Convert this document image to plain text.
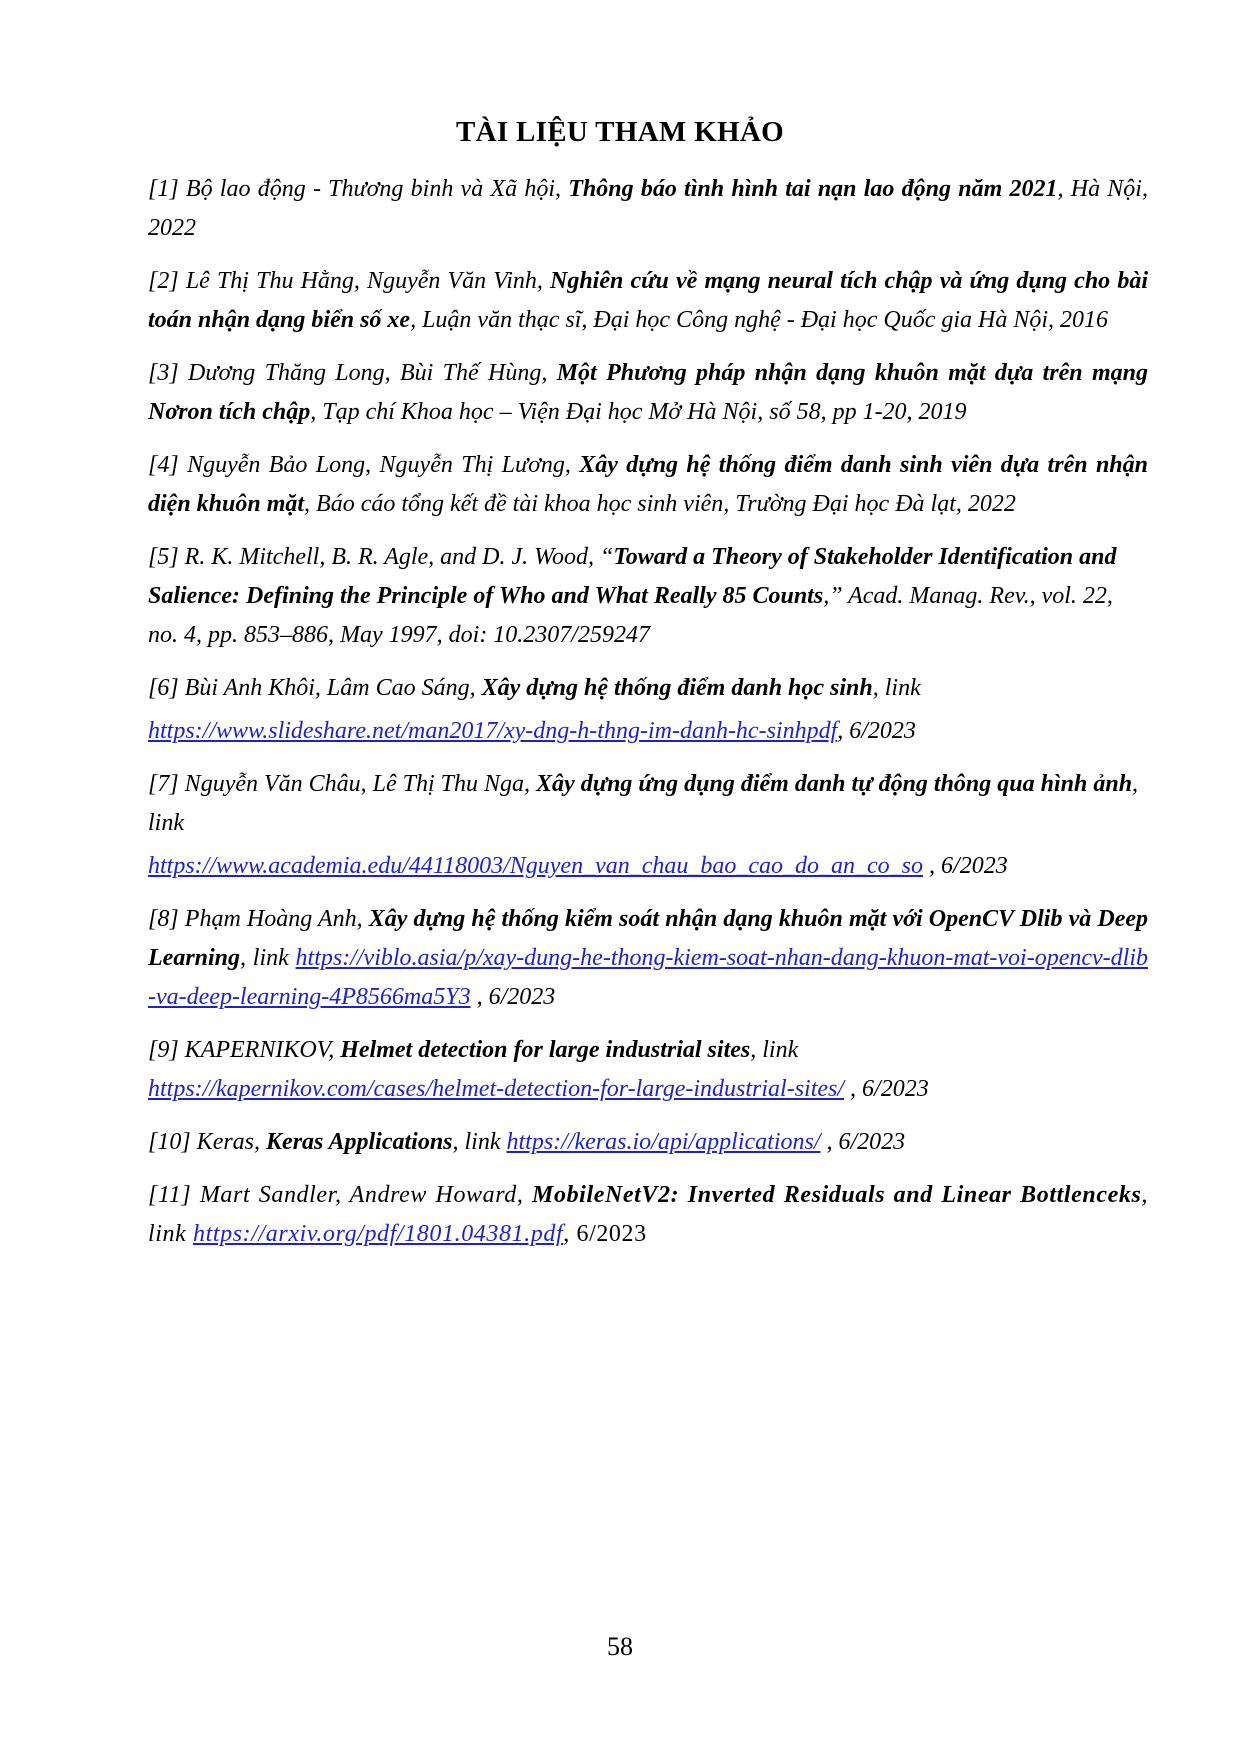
TÀI LIỆU THAM KHẢO

[1] Bộ lao động - Thương binh và Xã hội, Thông báo tình hình tai nạn lao động năm 2021, Hà Nội, 2022

[2] Lê Thị Thu Hằng, Nguyễn Văn Vinh, Nghiên cứu về mạng neural tích chập và ứng dụng cho bài toán nhận dạng biển số xe, Luận văn thạc sĩ, Đại học Công nghệ - Đại học Quốc gia Hà Nội, 2016

[3] Dương Thăng Long, Bùi Thế Hùng, Một Phương pháp nhận dạng khuôn mặt dựa trên mạng Nơron tích chập, Tạp chí Khoa học – Viện Đại học Mở Hà Nội, số 58, pp 1-20, 2019

[4] Nguyễn Bảo Long, Nguyễn Thị Lương, Xây dựng hệ thống điểm danh sinh viên dựa trên nhận diện khuôn mặt, Báo cáo tổng kết đề tài khoa học sinh viên, Trường Đại học Đà lạt, 2022

[5] R. K. Mitchell, B. R. Agle, and D. J. Wood, “Toward a Theory of Stakeholder Identification and Salience: Defining the Principle of Who and What Really 85 Counts,” Acad. Manag. Rev., vol. 22, no. 4, pp. 853–886, May 1997, doi: 10.2307/259247

[6] Bùi Anh Khôi, Lâm Cao Sáng, Xây dựng hệ thống điểm danh học sinh, link

https://www.slideshare.net/man2017/xy-dng-h-thng-im-danh-hc-sinhpdf, 6/2023

[7] Nguyễn Văn Châu, Lê Thị Thu Nga, Xây dựng ứng dụng điểm danh tự động thông qua hình ảnh, link

https://www.academia.edu/44118003/Nguyen_van_chau_bao_cao_do_an_co_so , 6/2023

[8] Phạm Hoàng Anh, Xây dựng hệ thống kiểm soát nhận dạng khuôn mặt với OpenCV Dlib và Deep Learning, link https://viblo.asia/p/xay-dung-he-thong-kiem-soat-nhan-dang-khuon-mat-voi-opencv-dlib-va-deep-learning-4P8566ma5Y3 , 6/2023

[9] KAPERNIKOV, Helmet detection for large industrial sites, link
https://kapernikov.com/cases/helmet-detection-for-large-industrial-sites/ , 6/2023

[10] Keras, Keras Applications, link https://keras.io/api/applications/ , 6/2023

[11] Mart Sandler, Andrew Howard, MobileNetV2: Inverted Residuals and Linear Bottlenceks, link https://arxiv.org/pdf/1801.04381.pdf, 6/2023

58
